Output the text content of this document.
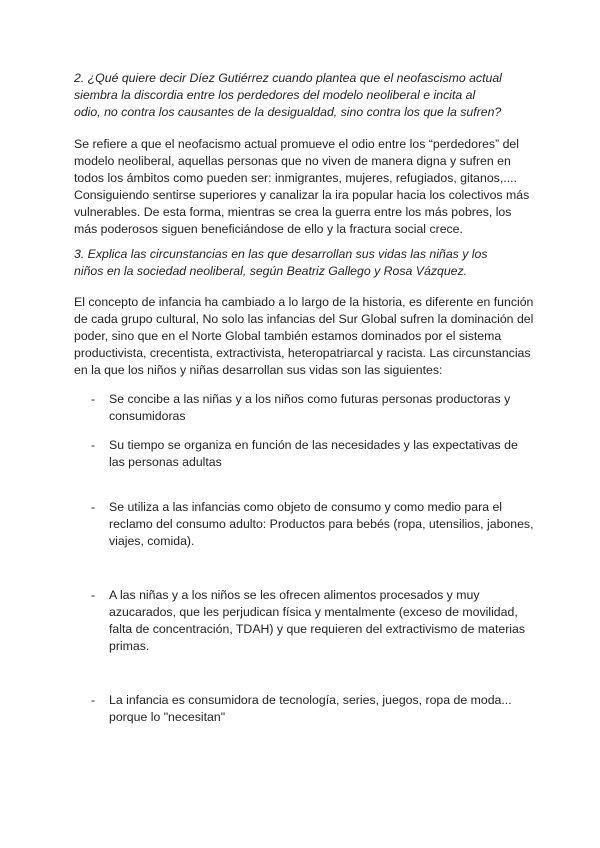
2. ¿Qué quiere decir Díez Gutiérrez cuando plantea que el neofascismo actual
siembra la discordia entre los perdedores del modelo neoliberal e incita al
odio, no contra los causantes de la desigualdad, sino contra los que la sufren?
Se refiere a que el neofacismo actual promueve el odio entre los “perdedores” del
modelo neoliberal, aquellas personas que no viven de manera digna y sufren en
todos los ámbitos como pueden ser: inmigrantes, mujeres, refugiados, gitanos,....
Consiguiendo sentirse superiores y canalizar la ira popular hacia los colectivos más
vulnerables. De esta forma, mientras se crea la guerra entre los más pobres, los
más poderosos siguen beneficiándose de ello y la fractura social crece.
3. Explica las circunstancias en las que desarrollan sus vidas las niñas y los
niños en la sociedad neoliberal, según Beatriz Gallego y Rosa Vázquez.
El concepto de infancia ha cambiado a lo largo de la historia, es diferente en función
de cada grupo cultural, No solo las infancias del Sur Global sufren la dominación del
poder, sino que en el Norte Global también estamos dominados por el sistema
productivista, crecentista, extractivista, heteropatriarcal y racista. Las circunstancias
en la que los niños y niñas desarrollan sus vidas son las siguientes:
- Se concibe a las niñas y a los niños como futuras personas productoras y
consumidoras
- Su tiempo se organiza en función de las necesidades y las expectativas de
las personas adultas
- Se utiliza a las infancias como objeto de consumo y como medio para el
reclamo del consumo adulto: Productos para bebés (ropa, utensilios, jabones,
viajes, comida).
- A las niñas y a los niños se les ofrecen alimentos procesados y muy
azucarados, que les perjudican física y mentalmente (exceso de movilidad,
falta de concentración, TDAH) y que requieren del extractivismo de materias
primas.
- La infancia es consumidora de tecnología, series, juegos, ropa de moda...
porque lo "necesitan"
